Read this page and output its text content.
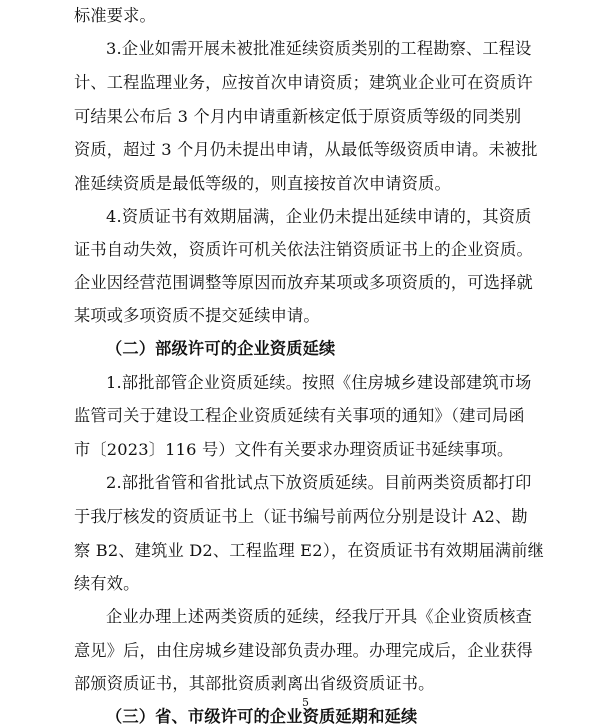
标准要求。
3.企业如需开展未被批准延续资质类别的工程勘察、工程设
计、工程监理业务，应按首次申请资质；建筑业企业可在资质许
可结果公布后 3 个月内申请重新核定低于原资质等级的同类别
资质，超过 3 个月仍未提出申请，从最低等级资质申请。未被批
准延续资质是最低等级的，则直接按首次申请资质。
4.资质证书有效期届满，企业仍未提出延续申请的，其资质
证书自动失效，资质许可机关依法注销资质证书上的企业资质。
企业因经营范围调整等原因而放弃某项或多项资质的，可选择就
某项或多项资质不提交延续申请。
（二）部级许可的企业资质延续
1.部批部管企业资质延续。按照《住房城乡建设部建筑市场
监管司关于建设工程企业资质延续有关事项的通知》（建司局函
市〔2023〕116 号）文件有关要求办理资质证书延续事项。
2.部批省管和省批试点下放资质延续。目前两类资质都打印
于我厅核发的资质证书上（证书编号前两位分别是设计 A2、勘
察 B2、建筑业 D2、工程监理 E2），在资质证书有效期届满前继
续有效。
企业办理上述两类资质的延续，经我厅开具《企业资质核查
意见》后，由住房城乡建设部负责办理。办理完成后，企业获得
部颁资质证书，其部批资质剥离出省级资质证书。
（三）省、市级许可的企业资质延期和延续
5
